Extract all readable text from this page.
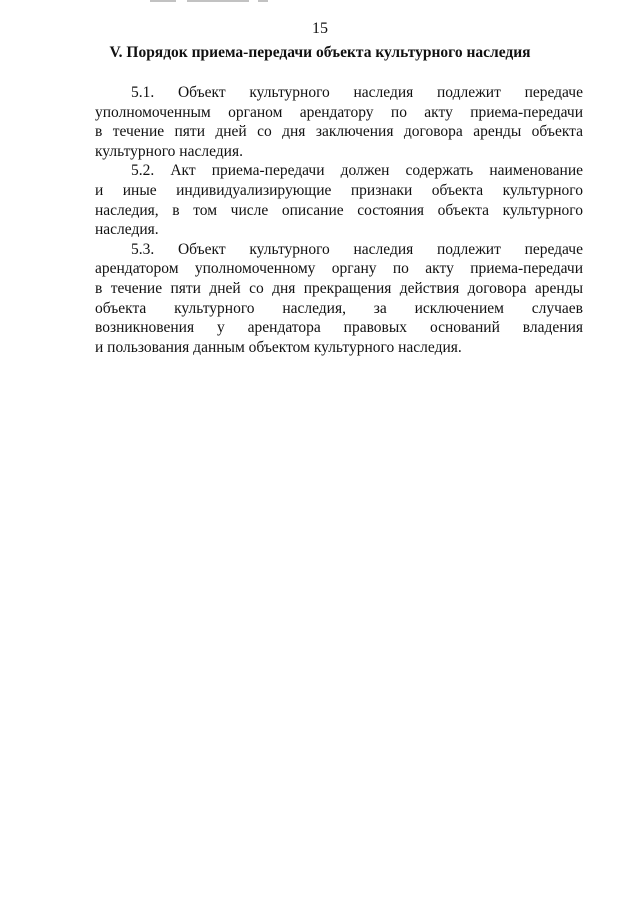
15
V. Порядок приема-передачи объекта культурного наследия
5.1. Объект культурного наследия подлежит передаче
уполномоченным органом арендатору по акту приема-передачи
в течение пяти дней со дня заключения договора аренды объекта
культурного наследия.
5.2. Акт приема-передачи должен содержать наименование
и иные индивидуализирующие признаки объекта культурного
наследия, в том числе описание состояния объекта культурного
наследия.
5.3. Объект культурного наследия подлежит передаче
арендатором уполномоченному органу по акту приема-передачи
в течение пяти дней со дня прекращения действия договора аренды
объекта культурного наследия, за исключением случаев
возникновения у арендатора правовых оснований владения
и пользования данным объектом культурного наследия.
